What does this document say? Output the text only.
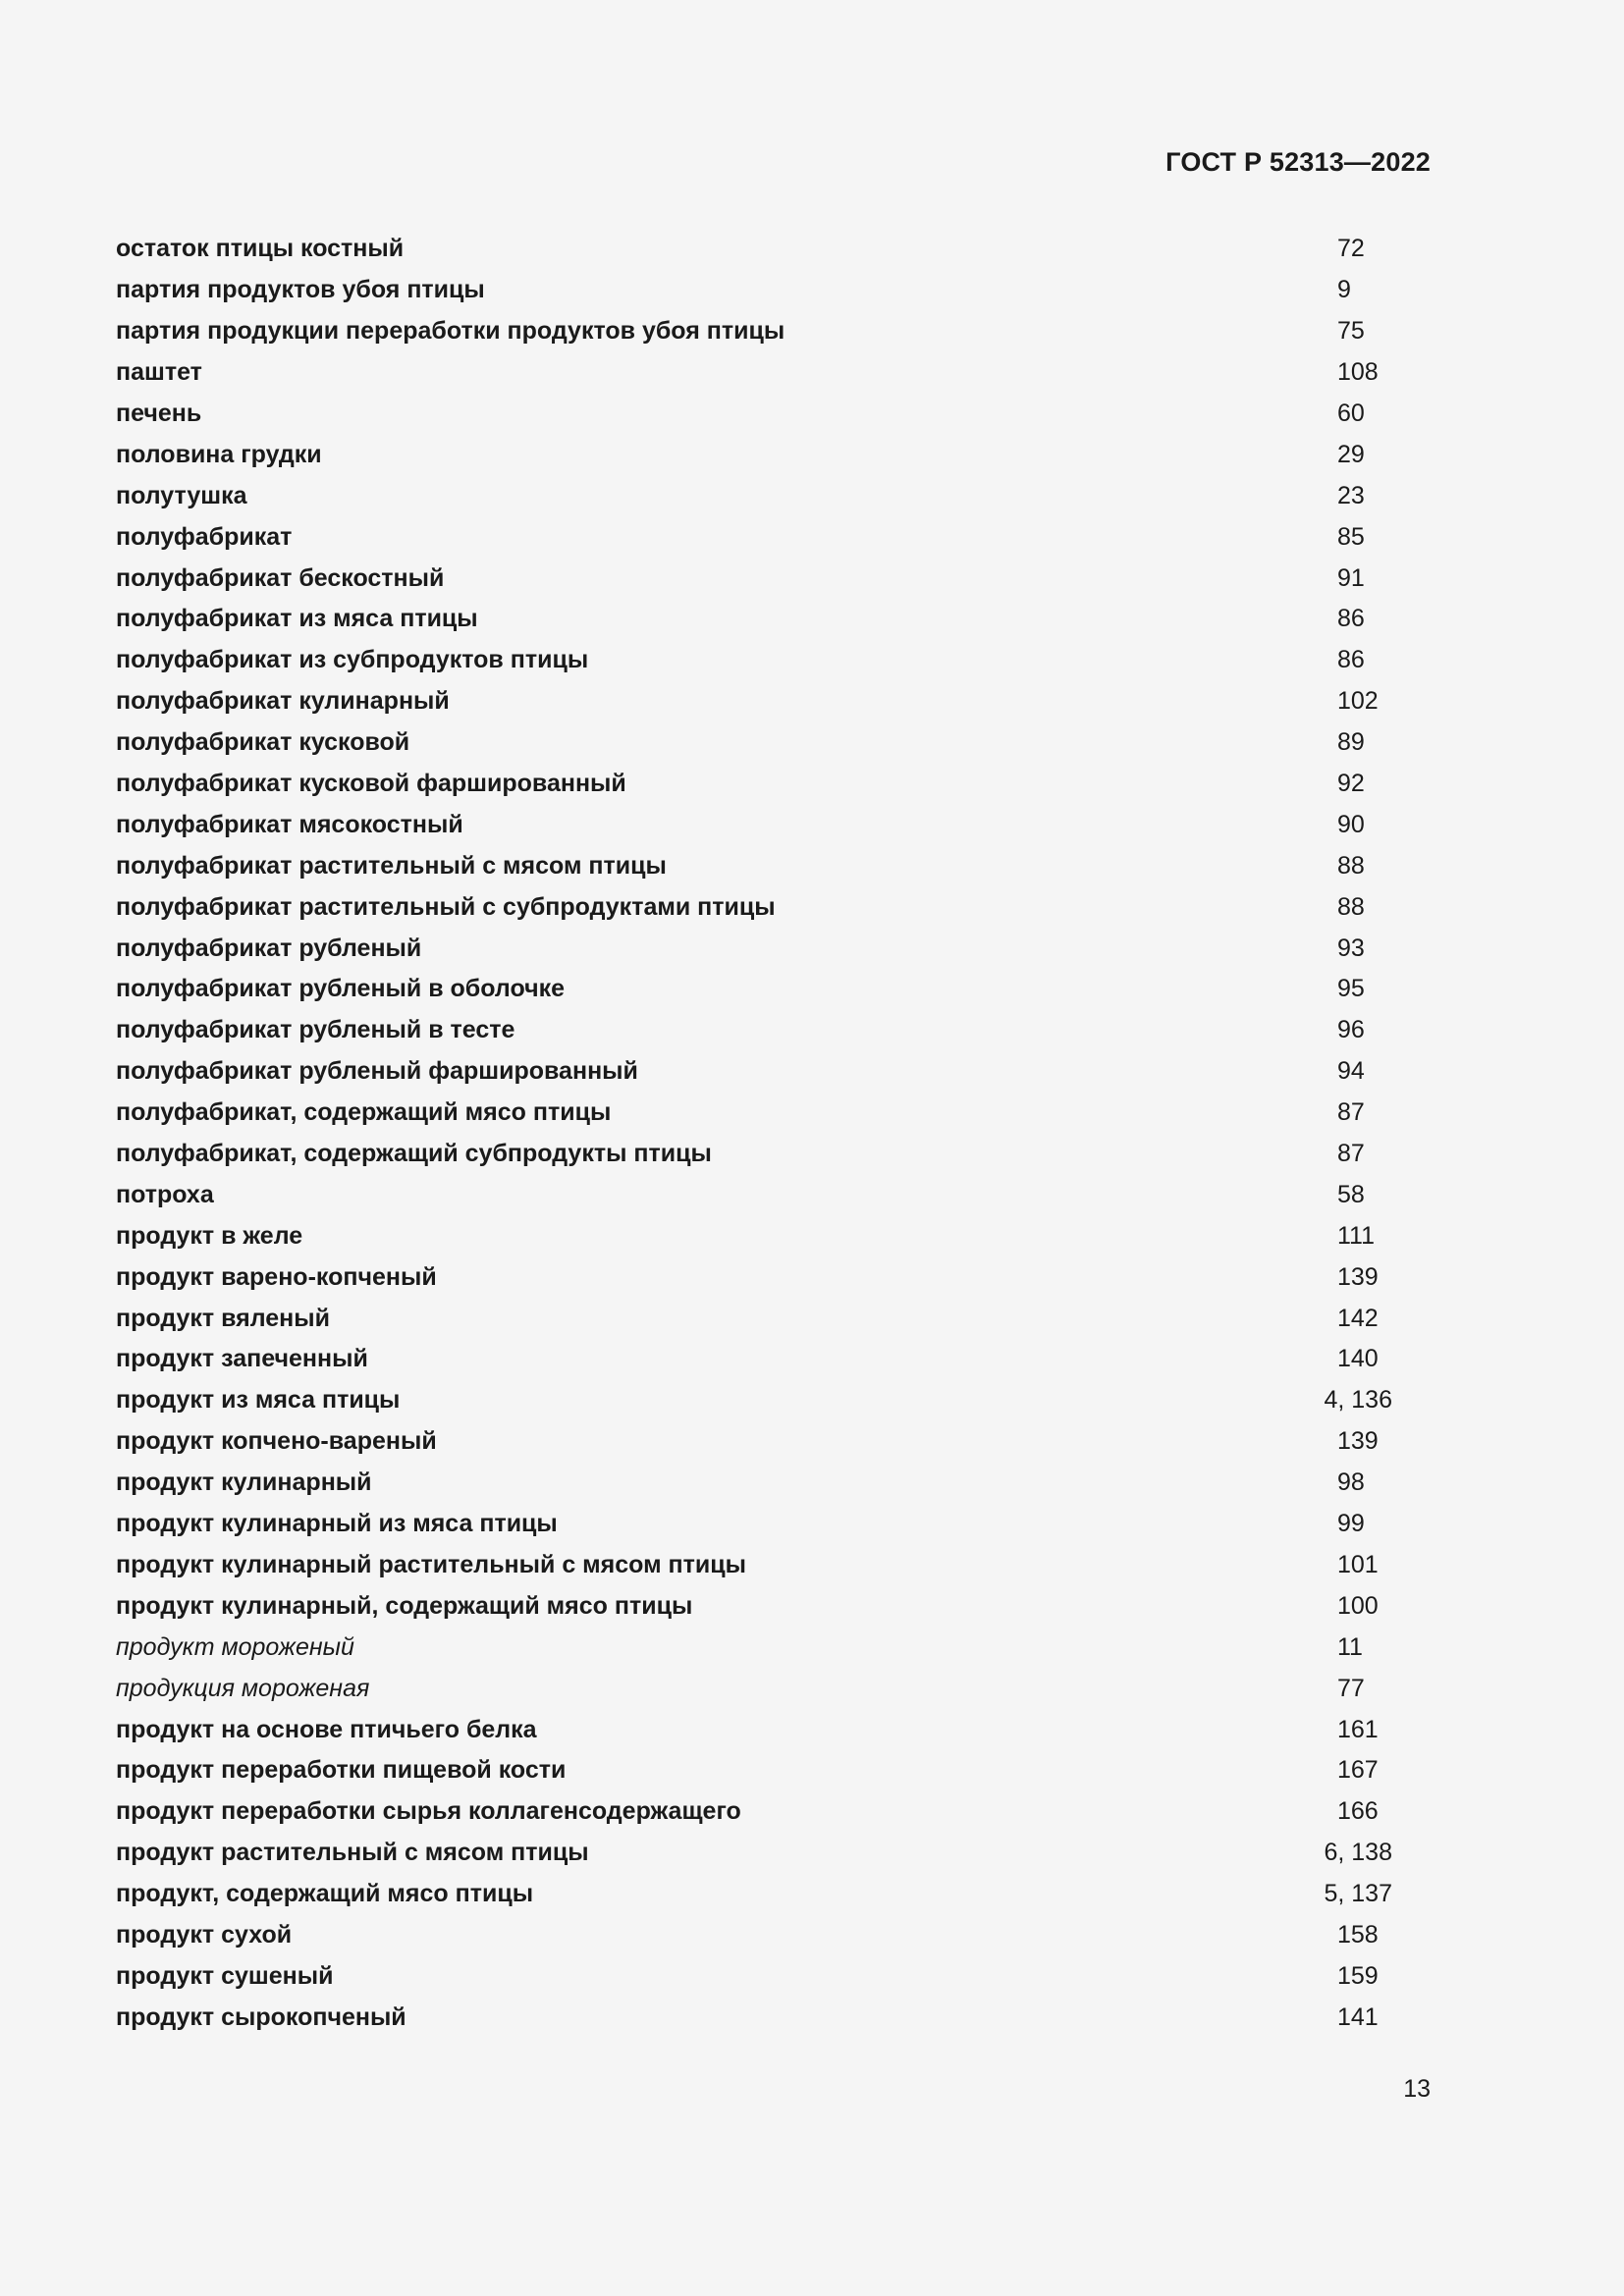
ГОСТ Р 52313—2022
остаток птицы костный	72
партия продуктов убоя птицы	9
партия продукции переработки продуктов убоя птицы	75
паштет	108
печень	60
половина грудки	29
полутушка	23
полуфабрикат	85
полуфабрикат бескостный	91
полуфабрикат из мяса птицы	86
полуфабрикат из субпродуктов птицы	86
полуфабрикат кулинарный	102
полуфабрикат кусковой	89
полуфабрикат кусковой фаршированный	92
полуфабрикат мясокостный	90
полуфабрикат растительный с мясом птицы	88
полуфабрикат растительный с субпродуктами птицы	88
полуфабрикат рубленый	93
полуфабрикат рубленый в оболочке	95
полуфабрикат рубленый в тесте	96
полуфабрикат рубленый фаршированный	94
полуфабрикат, содержащий мясо птицы	87
полуфабрикат, содержащий субпродукты птицы	87
потроха	58
продукт в желе	111
продукт варено-копченый	139
продукт вяленый	142
продукт запеченный	140
продукт из мяса птицы	4, 136
продукт копчено-вареный	139
продукт кулинарный	98
продукт кулинарный из мяса птицы	99
продукт кулинарный растительный с мясом птицы	101
продукт кулинарный, содержащий мясо птицы	100
продукт мороженый	11
продукция мороженая	77
продукт на основе птичьего белка	161
продукт переработки пищевой кости	167
продукт переработки сырья коллагенсодержащего	166
продукт растительный с мясом птицы	6, 138
продукт, содержащий мясо птицы	5, 137
продукт сухой	158
продукт сушеный	159
продукт сырокопченый	141
13
